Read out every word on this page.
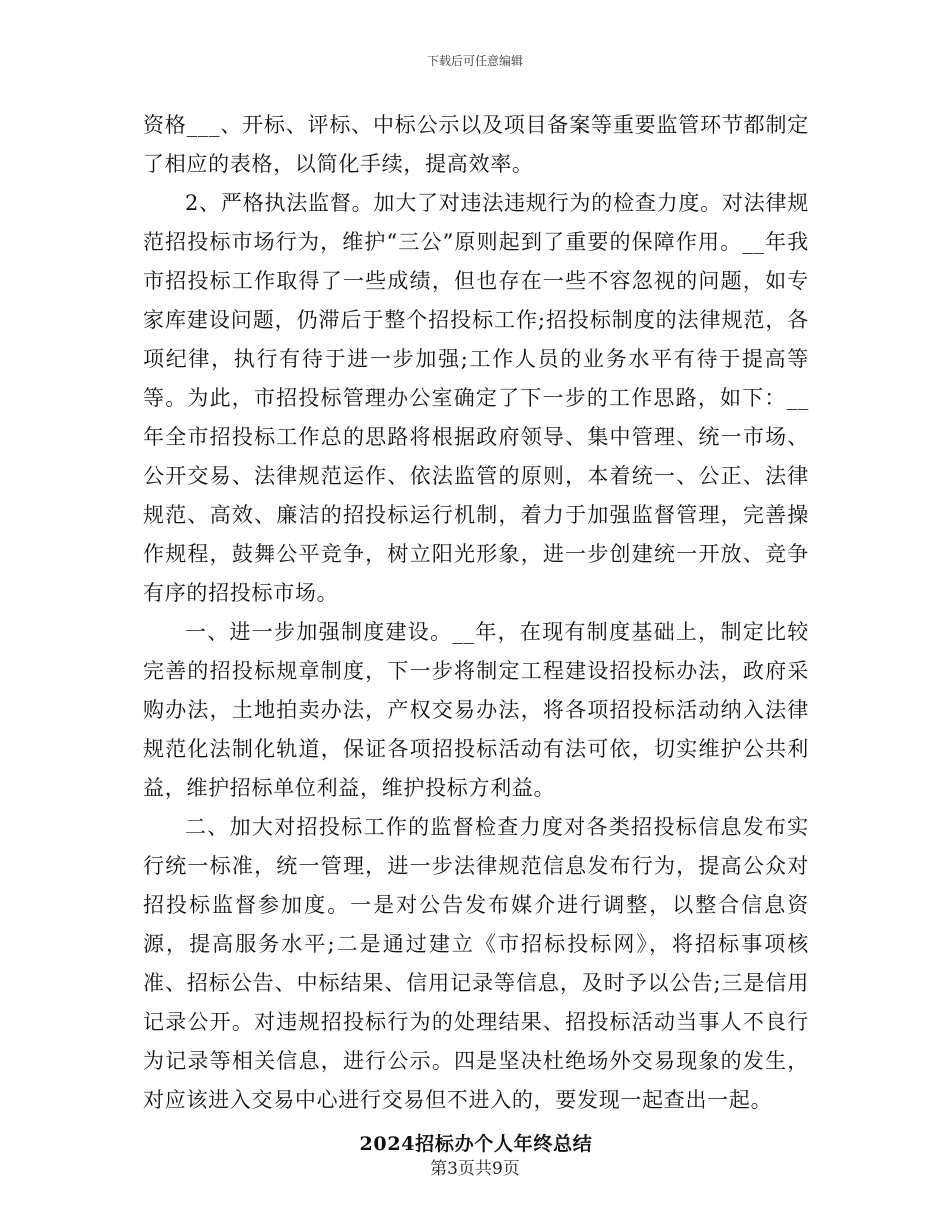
下载后可任意编辑

资格___、开标、评标、中标公示以及项目备案等重要监管环节都制定了相应的表格，以简化手续，提高效率。

2、严格执法监督。加大了对违法违规行为的检查力度。对法律规范招投标市场行为，维护“三公”原则起到了重要的保障作用。__年我市招投标工作取得了一些成绩，但也存在一些不容忽视的问题，如专家库建设问题，仍滞后于整个招投标工作;招投标制度的法律规范，各项纪律，执行有待于进一步加强;工作人员的业务水平有待于提高等等。为此，市招投标管理办公室确定了下一步的工作思路，如下：__年全市招投标工作总的思路将根据政府领导、集中管理、统一市场、公开交易、法律规范运作、依法监管的原则，本着统一、公正、法律规范、高效、廉洁的招投标运行机制，着力于加强监督管理，完善操作规程，鼓舞公平竞争，树立阳光形象，进一步创建统一开放、竞争有序的招投标市场。

一、进一步加强制度建设。__年，在现有制度基础上，制定比较完善的招投标规章制度，下一步将制定工程建设招投标办法，政府采购办法，土地拍卖办法，产权交易办法，将各项招投标活动纳入法律规范化法制化轨道，保证各项招投标活动有法可依，切实维护公共利益，维护招标单位利益，维护投标方利益。

二、加大对招投标工作的监督检查力度对各类招投标信息发布实行统一标准，统一管理，进一步法律规范信息发布行为，提高公众对招投标监督参加度。一是对公告发布媒介进行调整，以整合信息资源，提高服务水平;二是通过建立《市招标投标网》，将招标事项核准、招标公告、中标结果、信用记录等信息，及时予以公告;三是信用记录公开。对违规招投标行为的处理结果、招投标活动当事人不良行为记录等相关信息，进行公示。四是坚决杜绝场外交易现象的发生，对应该进入交易中心进行交易但不进入的，要发现一起查出一起。

2024招标办个人年终总结

第3页共9页
